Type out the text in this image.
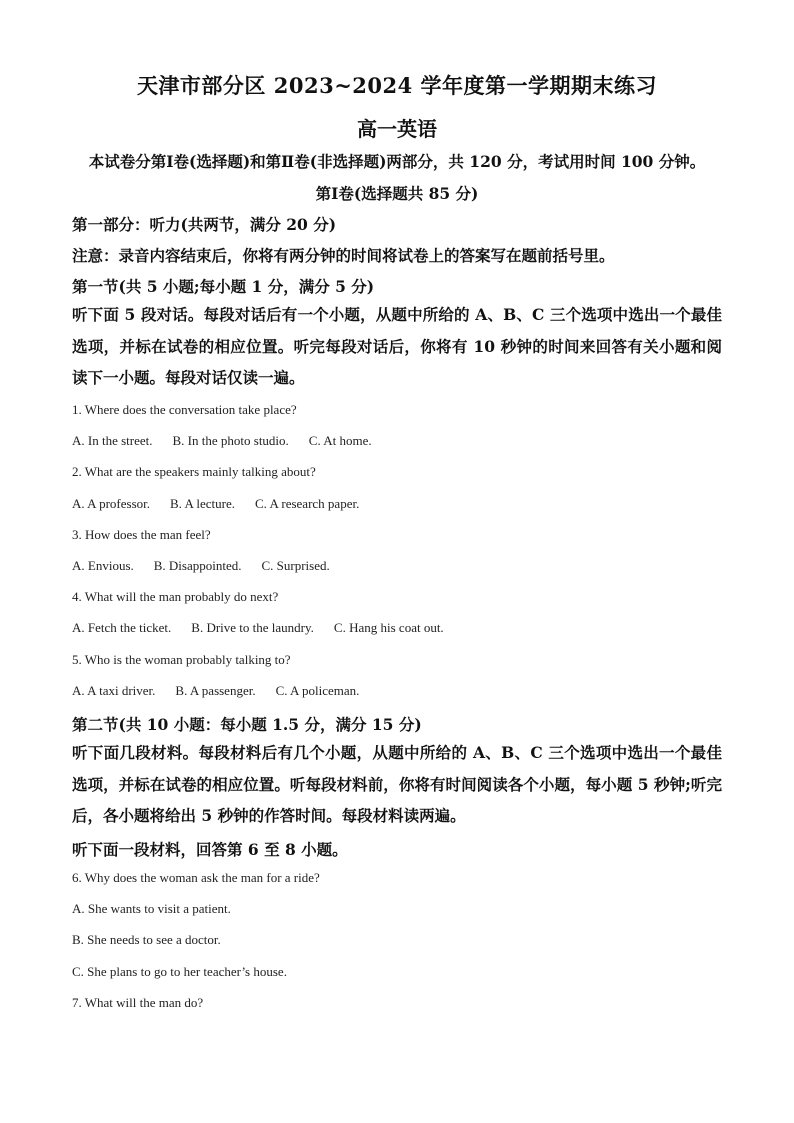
天津市部分区 2023~2024 学年度第一学期期末练习
高一英语
本试卷分第Ⅰ卷(选择题)和第Ⅱ卷(非选择题)两部分，共 120 分，考试用时间 100 分钟。
第Ⅰ卷(选择题共 85 分)
第一部分：听力(共两节，满分 20 分)
注意：录音内容结束后，你将有两分钟的时间将试卷上的答案写在题前括号里。
第一节(共 5 小题;每小题 1 分，满分 5 分)
听下面 5 段对话。每段对话后有一个小题，从题中所给的 A、B、C 三个选项中选出一个最佳选项，并标在试卷的相应位置。听完每段对话后，你将有 10 秒钟的时间来回答有关小题和阅读下一小题。每段对话仅读一遍。
1. Where does the conversation take place?
A. In the street. B. In the photo studio. C. At home.
2. What are the speakers mainly talking about?
A. A professor. B. A lecture. C. A research paper.
3. How does the man feel?
A. Envious. B. Disappointed. C. Surprised.
4. What will the man probably do next?
A. Fetch the ticket. B. Drive to the laundry. C. Hang his coat out.
5. Who is the woman probably talking to?
A. A taxi driver. B. A passenger. C. A policeman.
第二节(共 10 小题：每小题 1.5 分，满分 15 分)
听下面几段材料。每段材料后有几个小题，从题中所给的 A、B、C 三个选项中选出一个最佳选项，并标在试卷的相应位置。听每段材料前，你将有时间阅读各个小题，每小题 5 秒钟;听完后，各小题将给出 5 秒钟的作答时间。每段材料读两遍。
听下面一段材料，回答第 6 至 8 小题。
6. Why does the woman ask the man for a ride?
A. She wants to visit a patient.
B. She needs to see a doctor.
C. She plans to go to her teacher’s house.
7. What will the man do?
